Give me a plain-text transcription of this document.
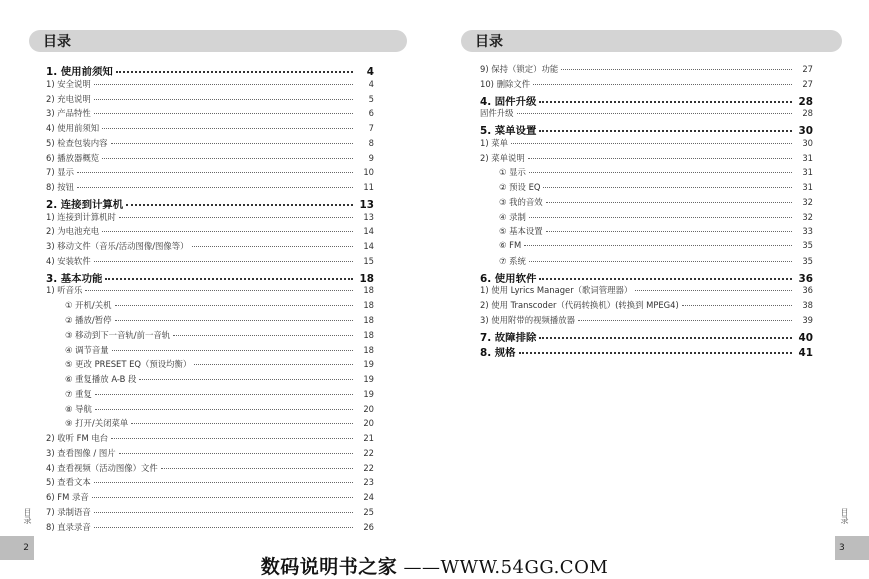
目录	目录
1. 使用前须知	4
1) 安全说明	4
2) 充电说明	5
3) 产品特性	6
4) 使用前须知	7
5) 检查包装内容	8
6) 播放器概览	9
7) 显示	10
8) 按钮	11
2. 连接到计算机	13
1) 连接到计算机时	13
2) 为电池充电	14
3) 移动文件（音乐/活动图像/图像等）	14
4) 安装软件	15
3. 基本功能	18
1) 听音乐	18
① 开机/关机	18
② 播放/暂停	18
③ 移动到下一音轨/前一音轨	18
④ 调节音量	18
⑤ 更改 PRESET EQ（预设均衡）	19
⑥ 重复播放 A-B 段	19
⑦ 重复	19
⑧ 导航	20
⑨ 打开/关闭菜单	20
2) 收听 FM 电台	21
3) 查看图像 / 图片	22
4) 查看视频（活动图像）文件	22
5) 查看文本	23
6) FM 录音	24
7) 录制语音	25
8) 直录录音	26
9) 保持（锁定）功能	27
10) 删除文件	27
4. 固件升级	28
固件升级	28
5. 菜单设置	30
1) 菜单	30
2) 菜单说明	31
① 显示	31
② 预设 EQ	31
③ 我的音效	32
④ 录制	32
⑤ 基本设置	33
⑥ FM	35
⑦ 系统	35
6. 使用软件	36
1) 使用 Lyrics Manager（歌词管理器）	36
2) 使用 Transcoder（代码转换机）(转换到 MPEG4)	38
3) 使用附带的视频播放器	39
7. 故障排除	40
8. 规格	41
目录	目录
2	3
数码说明书之家 ——WWW.54GG.COM
